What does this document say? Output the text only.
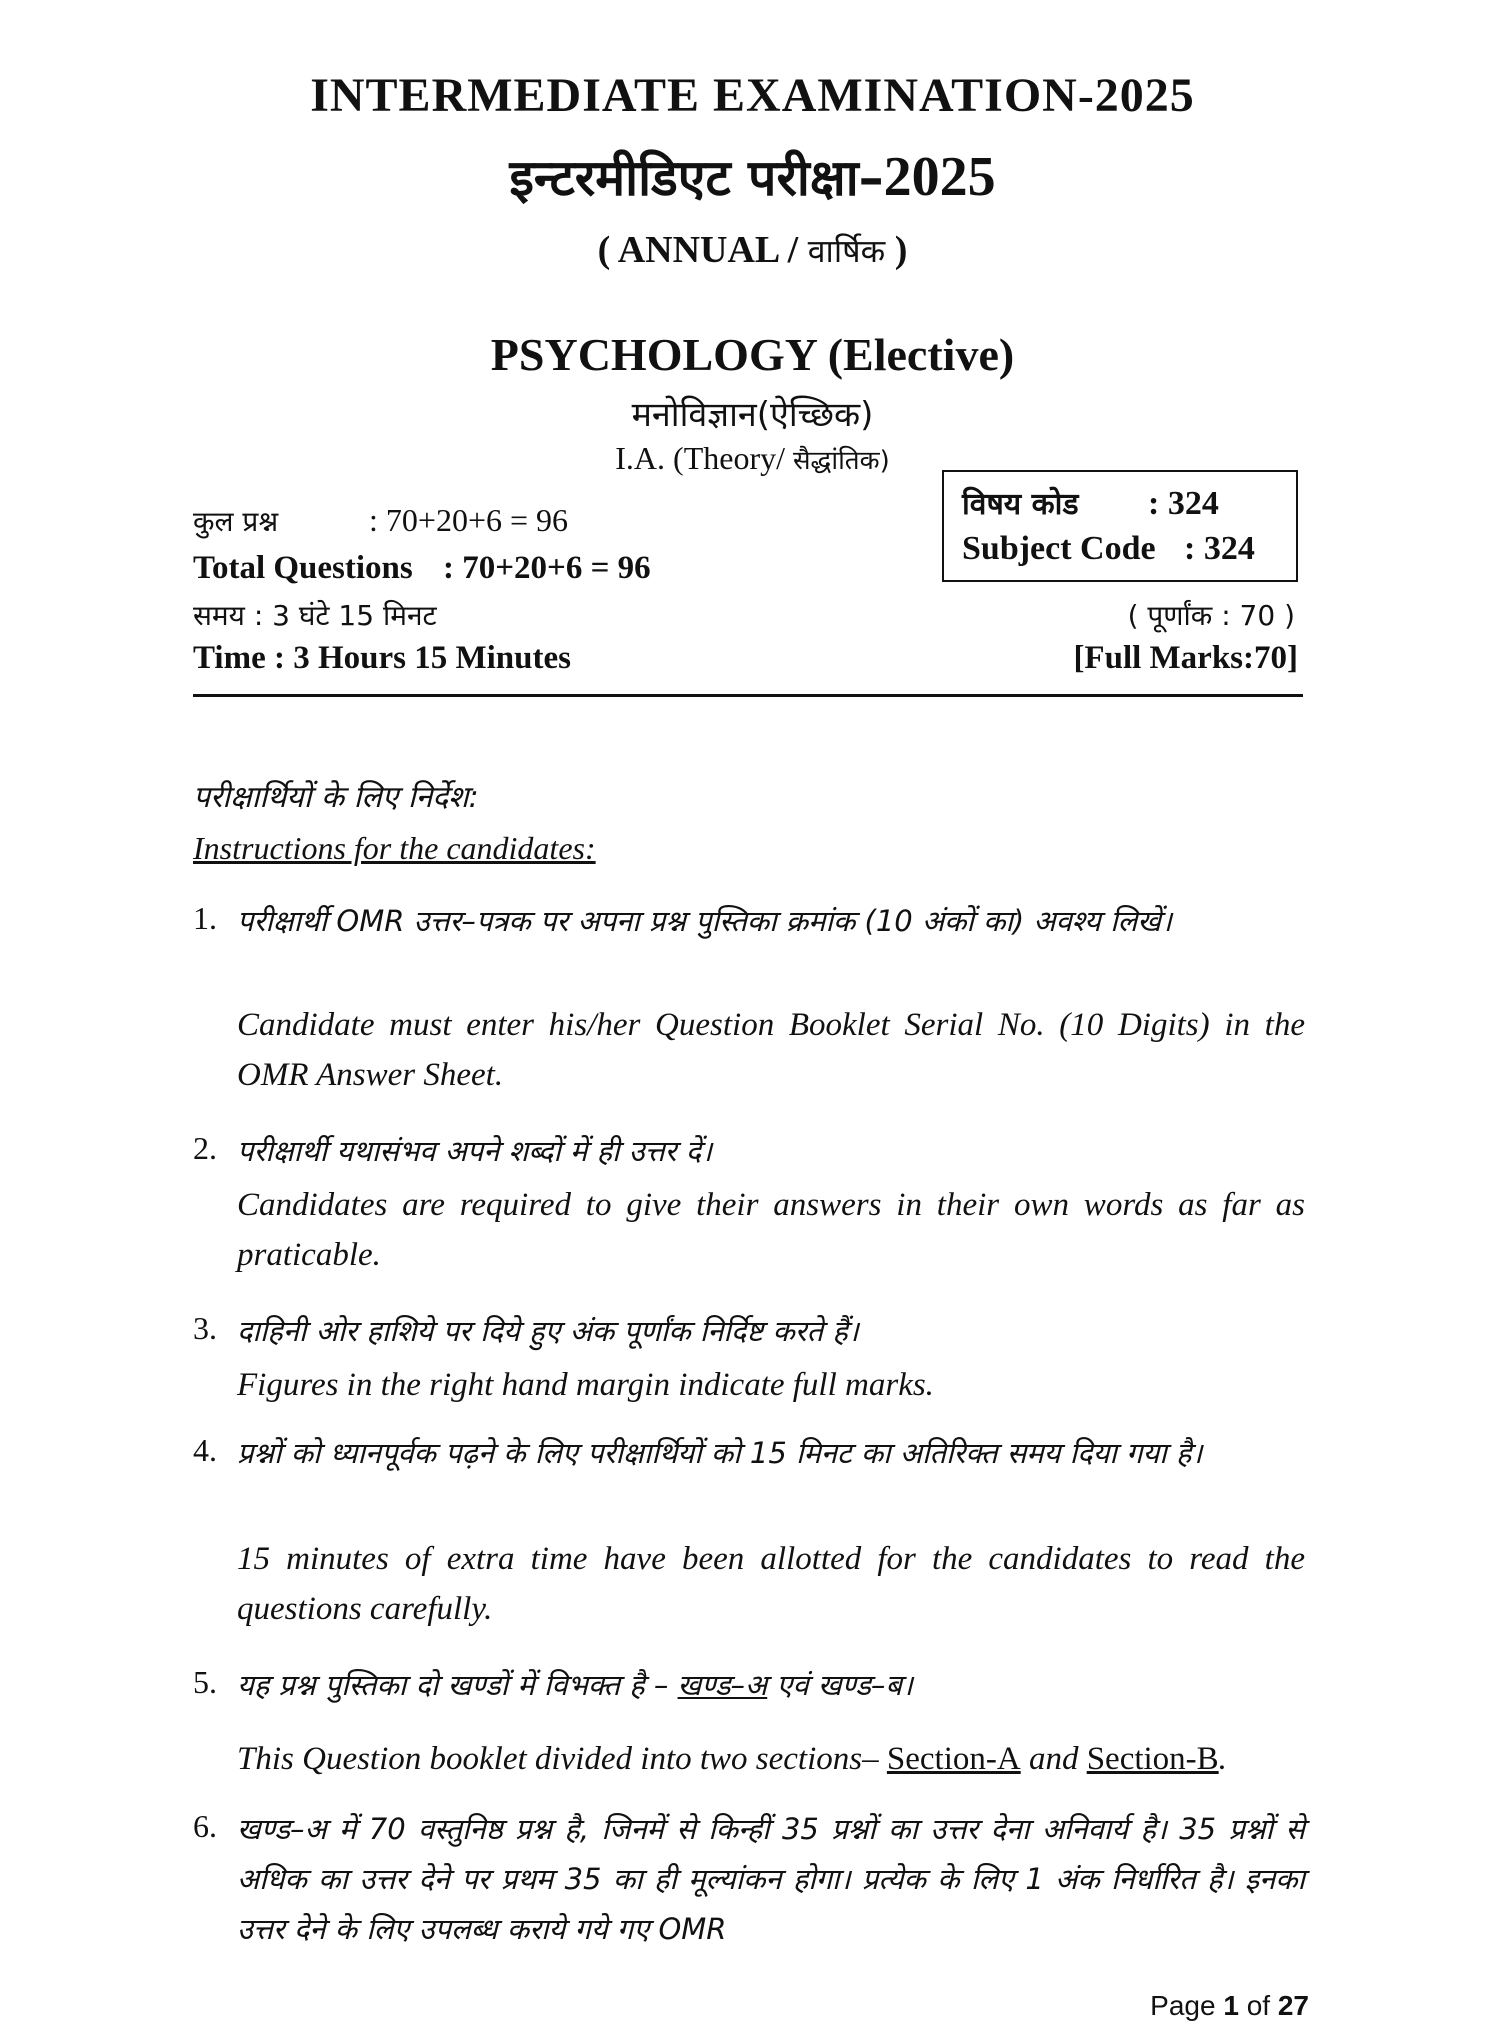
INTERMEDIATE EXAMINATION-2025
इन्टरमीडिएट परीक्षा–2025
( ANNUAL / वार्षिक )
PSYCHOLOGY (Elective)
मनोविज्ञान(ऐच्छिक)
I.A. (Theory/ सैद्धांतिक)
विषय कोड : 324
Subject Code : 324
कुल प्रश्न	: 70+20+6 = 96
Total Questions : 70+20+6 = 96
समय : 3 घंटे 15 मिनट
Time : 3 Hours 15 Minutes
( पूर्णांक : 70 )
[Full Marks:70]
परीक्षार्थियों के लिए निर्देश:
Instructions for the candidates:
1. परीक्षार्थी OMR उत्तर–पत्रक पर अपना प्रश्न पुस्तिका क्रमांक (10 अंकों का) अवश्य लिखें।
Candidate must enter his/her Question Booklet Serial No. (10 Digits) in the OMR Answer Sheet.
2. परीक्षार्थी यथासंभव अपने शब्दों में ही उत्तर दें।
Candidates are required to give their answers in their own words as far as praticable.
3. दाहिनी ओर हाशिये पर दिये हुए अंक पूर्णांक निर्दिष्ट करते हैं।
Figures in the right hand margin indicate full marks.
4. प्रश्नों को ध्यानपूर्वक पढ़ने के लिए परीक्षार्थियों को 15 मिनट का अतिरिक्त समय दिया गया है।
15 minutes of extra time have been allotted for the candidates to read the questions carefully.
5. यह प्रश्न पुस्तिका दो खण्डों में विभक्त है – खण्ड–अ एवं खण्ड–ब।
This Question booklet divided into two sections– Section-A and Section-B.
6. खण्ड–अ में 70 वस्तुनिष्ठ प्रश्न है, जिनमें से किन्हीं 35 प्रश्नों का उत्तर देना अनिवार्य है। 35 प्रश्नों से अधिक का उत्तर देने पर प्रथम 35 का ही मूल्यांकन होगा। प्रत्येक के लिए 1 अंक निर्धारित है। इनका उत्तर देने के लिए उपलब्ध कराये गये गए OMR
Page 1 of 27
